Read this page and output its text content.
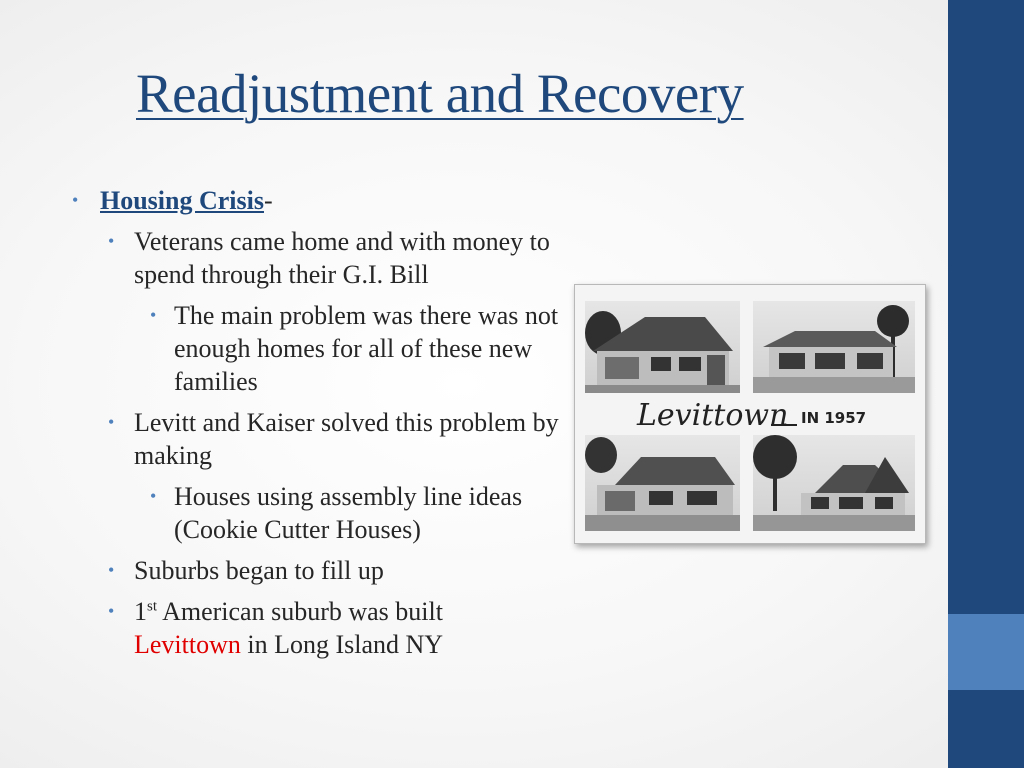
Readjustment and Recovery

• Housing Crisis-

• Veterans came home and with money to spend through their G.I. Bill

• The main problem was there was not enough homes for all of these new families

• Levitt and Kaiser solved this problem by making

• Houses using assembly line ideas (Cookie Cutter Houses)

• Suburbs began to fill up

• 1st American suburb was built
Levittown in Long Island NY

Levittown IN 1957
